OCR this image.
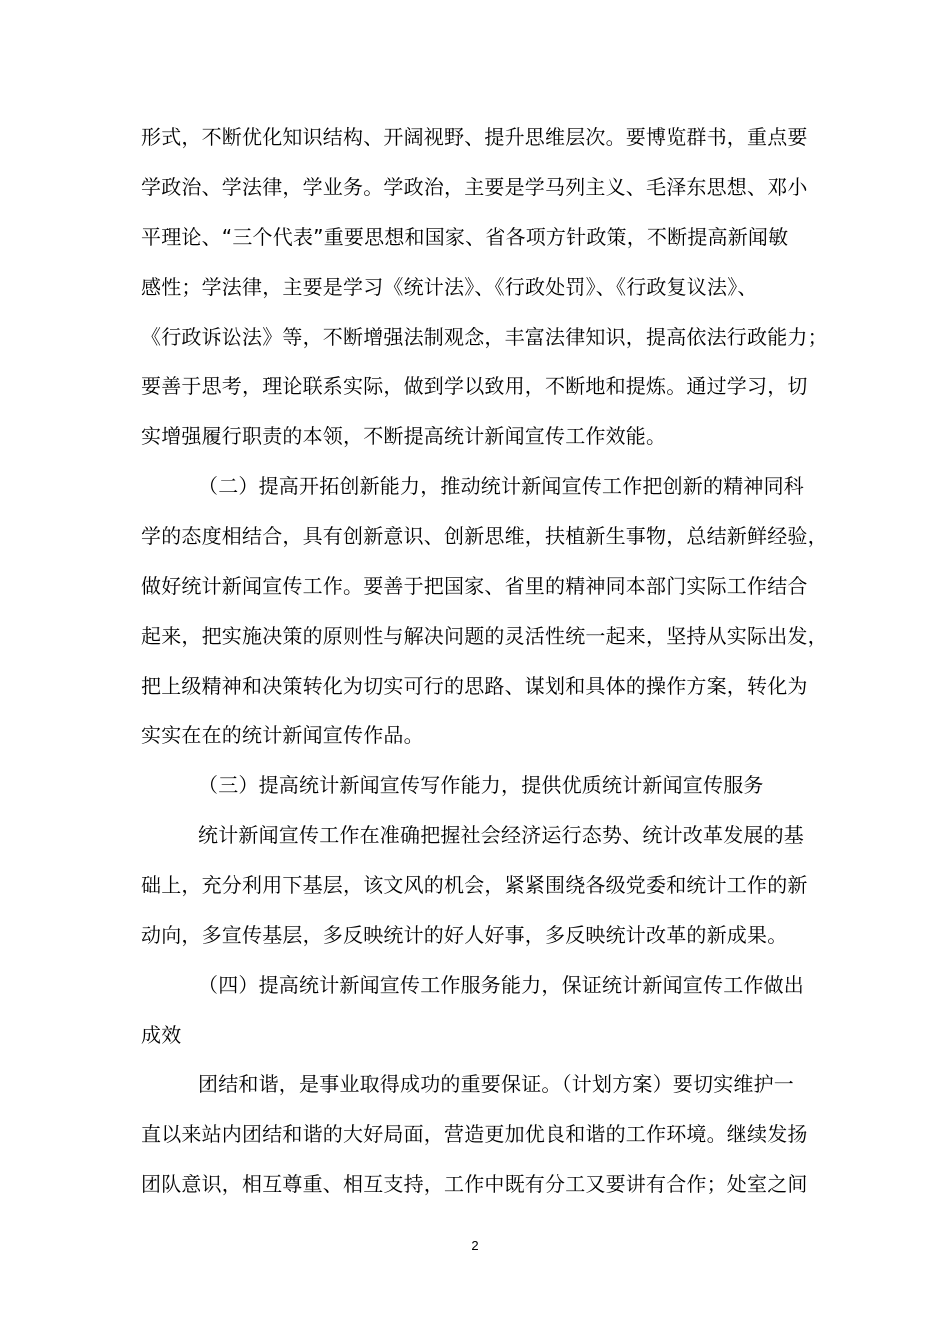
形式，不断优化知识结构、开阔视野、提升思维层次。要博览群书，重点要
学政治、学法律，学业务。学政治，主要是学马列主义、毛泽东思想、邓小
平理论、“三个代表”重要思想和国家、省各项方针政策，不断提高新闻敏
感性；学法律，主要是学习《统计法》、《行政处罚》、《行政复议法》、
《行政诉讼法》等，不断增强法制观念，丰富法律知识，提高依法行政能力；
要善于思考，理论联系实际，做到学以致用，不断地和提炼。通过学习，切
实增强履行职责的本领，不断提高统计新闻宣传工作效能。
（二）提高开拓创新能力，推动统计新闻宣传工作把创新的精神同科
学的态度相结合，具有创新意识、创新思维，扶植新生事物，总结新鲜经验，
做好统计新闻宣传工作。要善于把国家、省里的精神同本部门实际工作结合
起来，把实施决策的原则性与解决问题的灵活性统一起来，坚持从实际出发，
把上级精神和决策转化为切实可行的思路、谋划和具体的操作方案，转化为
实实在在的统计新闻宣传作品。
（三）提高统计新闻宣传写作能力，提供优质统计新闻宣传服务
统计新闻宣传工作在准确把握社会经济运行态势、统计改革发展的基
础上，充分利用下基层，该文风的机会，紧紧围绕各级党委和统计工作的新
动向，多宣传基层，多反映统计的好人好事，多反映统计改革的新成果。
（四）提高统计新闻宣传工作服务能力，保证统计新闻宣传工作做出
成效
团结和谐，是事业取得成功的重要保证。（计划方案）要切实维护一
直以来站内团结和谐的大好局面，营造更加优良和谐的工作环境。继续发扬
团队意识，相互尊重、相互支持，工作中既有分工又要讲有合作；处室之间
2
